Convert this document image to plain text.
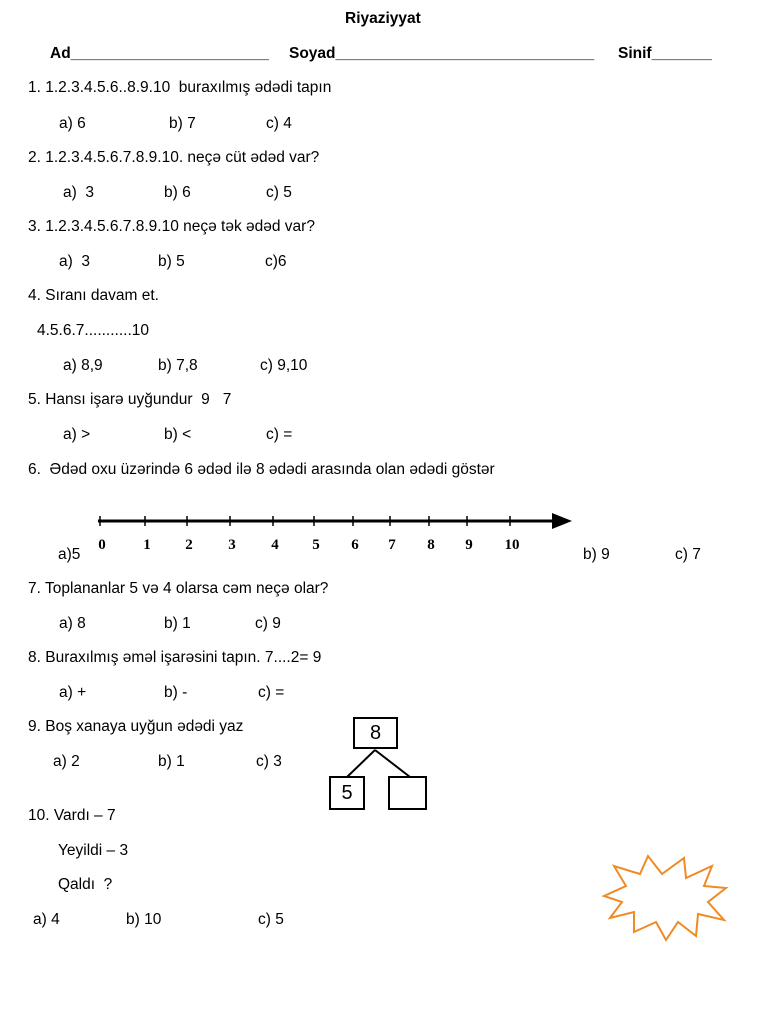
Riyaziyyat
Ad_______________________ Soyad______________________________ Sinif_______
1. 1.2.3.4.5.6..8.9.10  buraxılmış ədədi tapın
a) 6	b) 7	c) 4
2. 1.2.3.4.5.6.7.8.9.10. neçə cüt ədəd var?
a)  3	b) 6	c) 5
3. 1.2.3.4.5.6.7.8.9.10 neçə tək ədəd var?
a)  3	b) 5	c)6
4. Sıranı davam et.
4.5.6.7...........10
a) 8,9	b) 7,8	c) 9,10
5. Hansı işarə uyğundur  9   7
a) >	b) <	c) =
6.  Ədəd oxu üzərində 6 ədəd ilə 8 ədədi arasında olan ədədi göstər
0	1 2 3 4 5 6 7 8 9 10
a)5	b) 9	c) 7
7. Toplananlar 5 və 4 olarsa cəm neçə olar?
a) 8	b) 1	c) 9
8. Buraxılmış əməl işarəsini tapın. 7....2= 9
a) +	b) -	c) =
9. Boş xanaya uyğun ədədi yaz
a) 2	b) 1	c) 3
8
5
10. Vardı – 7
Yeyildi – 3
Qaldı  ?
a) 4	b) 10	c) 5
